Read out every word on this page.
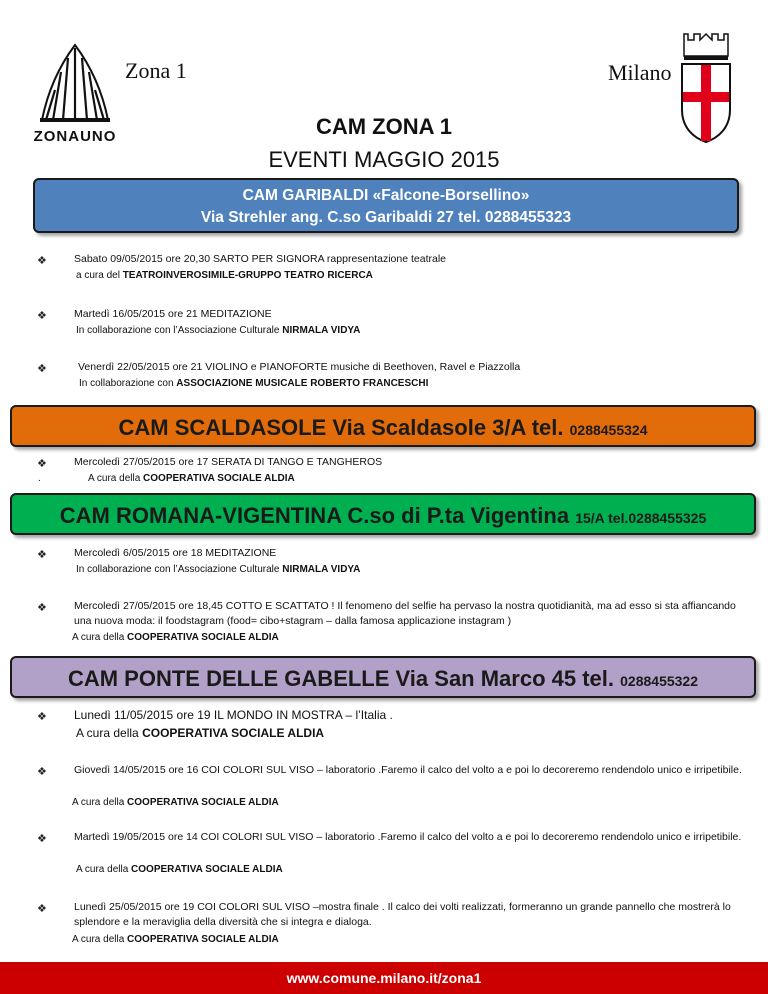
ZONAUNO
Zona 1	Milano
CAM ZONA 1
EVENTI MAGGIO 2015
CAM GARIBALDI «Falcone-Borsellino»
Via Strehler ang. C.so Garibaldi 27 tel. 0288455323
❖	Sabato 09/05/2015 ore 20,30 SARTO PER SIGNORA rappresentazione teatrale
a cura del TEATROINVEROSIMILE-GRUPPO TEATRO RICERCA
❖	Martedì 16/05/2015 ore 21 MEDITAZIONE
In collaborazione con l’Associazione Culturale NIRMALA VIDYA
❖	Venerdì 22/05/2015 ore 21 VIOLINO e PIANOFORTE musiche di Beethoven, Ravel e Piazzolla
In collaborazione con ASSOCIAZIONE MUSICALE ROBERTO FRANCESCHI
CAM SCALDASOLE Via Scaldasole 3/A tel. 0288455324
❖	Mercoledì 27/05/2015 ore 17 SERATA DI TANGO E TANGHEROS
.	A cura della COOPERATIVA SOCIALE ALDIA
CAM ROMANA-VIGENTINA C.so di P.ta Vigentina 15/A tel.0288455325
❖	Mercoledì 6/05/2015 ore 18 MEDITAZIONE
In collaborazione con l’Associazione Culturale NIRMALA VIDYA
❖	Mercoledì 27/05/2015 ore 18,45 COTTO E SCATTATO ! Il fenomeno del selfie ha pervaso la nostra quotidianità, ma ad esso si sta affiancando una nuova moda: il foodstagram (food= cibo+stagram – dalla famosa applicazione instagram )
A cura della COOPERATIVA SOCIALE ALDIA
CAM PONTE DELLE GABELLE Via San Marco 45 tel. 0288455322
❖ Lunedì 11/05/2015 ore 19 IL MONDO IN MOSTRA – l’Italia .
A cura della COOPERATIVA SOCIALE ALDIA
❖	Giovedì 14/05/2015 ore 16 COI COLORI SUL VISO – laboratorio .Faremo il calco del volto a e poi lo decoreremo rendendolo unico e irripetibile.
A cura della COOPERATIVA SOCIALE ALDIA
❖	Martedì 19/05/2015 ore 14 COI COLORI SUL VISO – laboratorio .Faremo il calco del volto a e poi lo decoreremo rendendolo unico e irripetibile.
A cura della COOPERATIVA SOCIALE ALDIA
❖	Lunedì 25/05/2015 ore 19 COI COLORI SUL VISO –mostra finale . Il calco dei volti realizzati, formeranno un grande pannello che mostrerà lo splendore e la meraviglia della diversità che si integra e dialoga.
A cura della COOPERATIVA SOCIALE ALDIA
www.comune.milano.it/zona1
